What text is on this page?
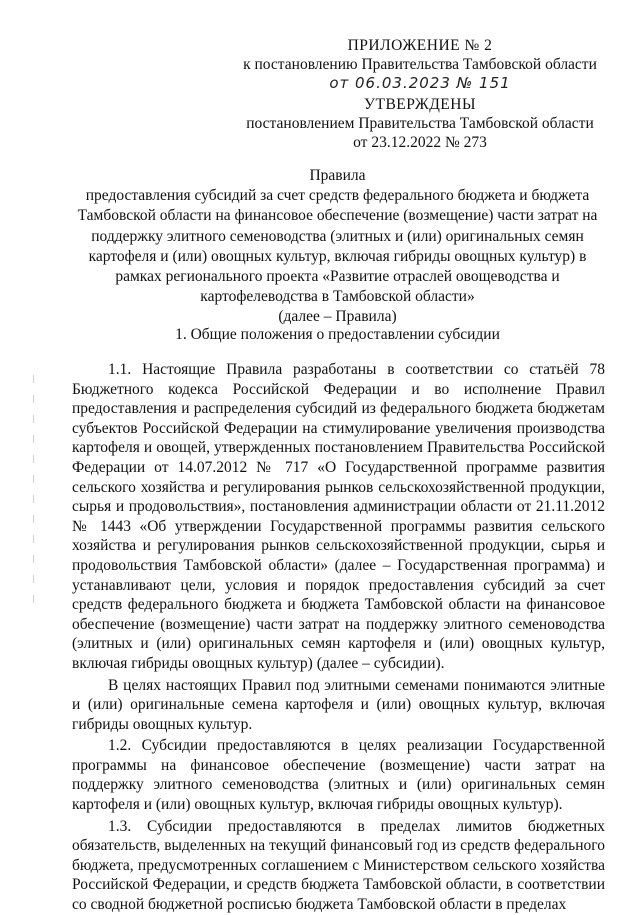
ПРИЛОЖЕНИЕ № 2
к постановлению Правительства Тамбовской области
от 06.03.2023 № 151
УТВЕРЖДЕНЫ
постановлением Правительства Тамбовской области
от 23.12.2022 № 273
Правила
предоставления субсидий за счет средств федерального бюджета и бюджета Тамбовской области на финансовое обеспечение (возмещение) части затрат на поддержку элитного семеноводства (элитных и (или) оригинальных семян картофеля и (или) овощных культур, включая гибриды овощных культур) в рамках регионального проекта «Развитие отраслей овощеводства и картофелеводства в Тамбовской области»
(далее – Правила)
1. Общие положения о предоставлении субсидии

1.1. Настоящие Правила разработаны в соответствии со статьёй 78 Бюджетного кодекса Российской Федерации и во исполнение Правил предоставления и распределения субсидий из федерального бюджета бюджетам субъектов Российской Федерации на стимулирование увеличения производства картофеля и овощей, утвержденных постановлением Правительства Российской Федерации от 14.07.2012 № 717 «О Государственной программе развития сельского хозяйства и регулирования рынков сельскохозяйственной продукции, сырья и продовольствия», постановления администрации области от 21.11.2012 № 1443 «Об утверждении Государственной программы развития сельского хозяйства и регулирования рынков сельскохозяйственной продукции, сырья и продовольствия Тамбовской области» (далее – Государственная программа) и устанавливают цели, условия и порядок предоставления субсидий за счет средств федерального бюджета и бюджета Тамбовской области на финансовое обеспечение (возмещение) части затрат на поддержку элитного семеноводства (элитных и (или) оригинальных семян картофеля и (или) овощных культур, включая гибриды овощных культур) (далее – субсидии).

В целях настоящих Правил под элитными семенами понимаются элитные и (или) оригинальные семена картофеля и (или) овощных культур, включая гибриды овощных культур.

1.2. Субсидии предоставляются в целях реализации Государственной программы на финансовое обеспечение (возмещение) части затрат на поддержку элитного семеноводства (элитных и (или) оригинальных семян картофеля и (или) овощных культур, включая гибриды овощных культур).

1.3. Субсидии предоставляются в пределах лимитов бюджетных обязательств, выделенных на текущий финансовый год из средств федерального бюджета, предусмотренных соглашением с Министерством сельского хозяйства Российской Федерации, и средств бюджета Тамбовской области, в соответствии со сводной бюджетной росписью бюджета Тамбовской области в пределах
